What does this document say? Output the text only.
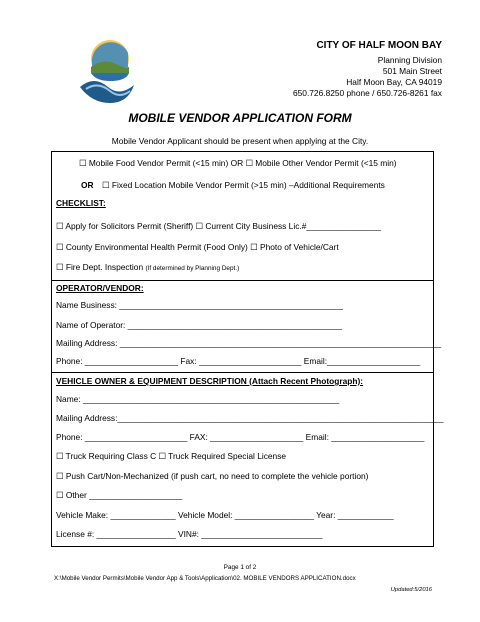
CITY OF HALF MOON BAY
Planning Division
501 Main Street
Half Moon Bay, CA 94019
650.726.8250 phone / 650.726-8261 fax
MOBILE VENDOR APPLICATION FORM
Mobile Vendor Applicant should be present when applying at the City.
☐ Mobile Food Vendor Permit (<15 min) OR ☐ Mobile Other Vendor Permit (<15 min)
OR ☐ Fixed Location Mobile Vendor Permit (>15 min) –Additional Requirements
CHECKLIST:
☐ Apply for Solicitors Permit (Sheriff) ☐ Current City Business Lic.#________________
☐ County Environmental Health Permit (Food Only) ☐ Photo of Vehicle/Cart
☐ Fire Dept. Inspection (If determined by Planning Dept.)
OPERATOR/VENDOR:
Name Business: ________________________________________________
Name of Operator: ______________________________________________
Mailing Address: _____________________________________________________________________
Phone: ____________________ Fax: ______________________ Email:____________________
VEHICLE OWNER & EQUIPMENT DESCRIPTION (Attach Recent Photograph):
Name: _______________________________________________________
Mailing Address:______________________________________________________________________
Phone: ______________________ FAX: ____________________ Email: ____________________
☐ Truck Requiring Class C ☐ Truck Required Special License
☐ Push Cart/Non-Mechanized (if push cart, no need to complete the vehicle portion)
☐ Other ____________________
Vehicle Make: ______________ Vehicle Model: _________________ Year: ____________
License #: _________________ VIN#: __________________________
Page 1 of 2
X:\Mobile Vendor Permits\Mobile Vendor App & Tools\Application\02. MOBILE VENDORS APPLICATION.docx
Updated:5/2016
